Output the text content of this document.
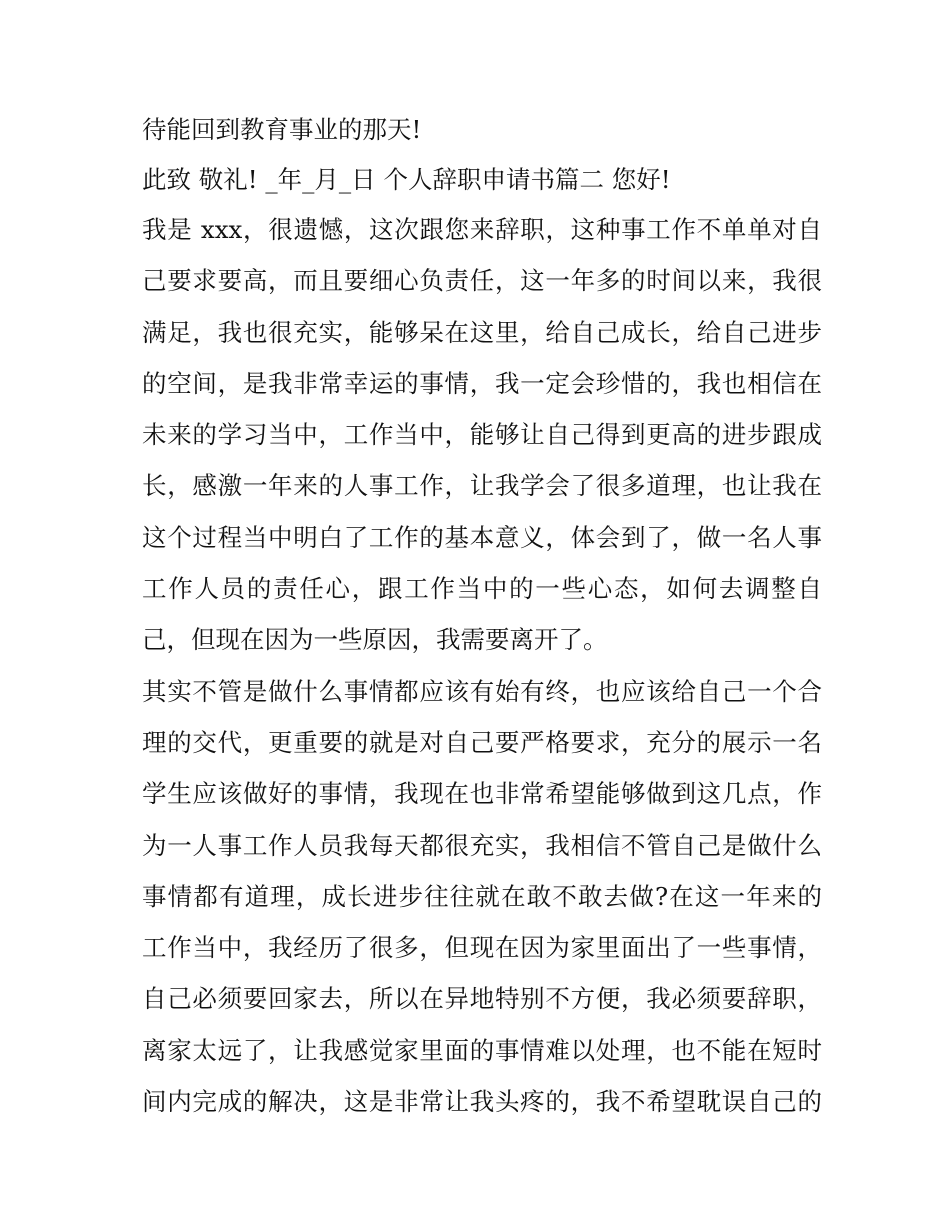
待能回到教育事业的那天!
此致 敬礼! _年_月_日 个人辞职申请书篇二 您好!
我是 xxx，很遗憾，这次跟您来辞职，这种事工作不单单对自
己要求要高，而且要细心负责任，这一年多的时间以来，我很
满足，我也很充实，能够呆在这里，给自己成长，给自己进步
的空间，是我非常幸运的事情，我一定会珍惜的，我也相信在
未来的学习当中，工作当中，能够让自己得到更高的进步跟成
长，感激一年来的人事工作，让我学会了很多道理，也让我在
这个过程当中明白了工作的基本意义，体会到了，做一名人事
工作人员的责任心，跟工作当中的一些心态，如何去调整自
己，但现在因为一些原因，我需要离开了。
其实不管是做什么事情都应该有始有终，也应该给自己一个合
理的交代，更重要的就是对自己要严格要求，充分的展示一名
学生应该做好的事情，我现在也非常希望能够做到这几点，作
为一人事工作人员我每天都很充实，我相信不管自己是做什么
事情都有道理，成长进步往往就在敢不敢去做?在这一年来的
工作当中，我经历了很多，但现在因为家里面出了一些事情，
自己必须要回家去，所以在异地特别不方便，我必须要辞职，
离家太远了，让我感觉家里面的事情难以处理，也不能在短时
间内完成的解决，这是非常让我头疼的，我不希望耽误自己的
